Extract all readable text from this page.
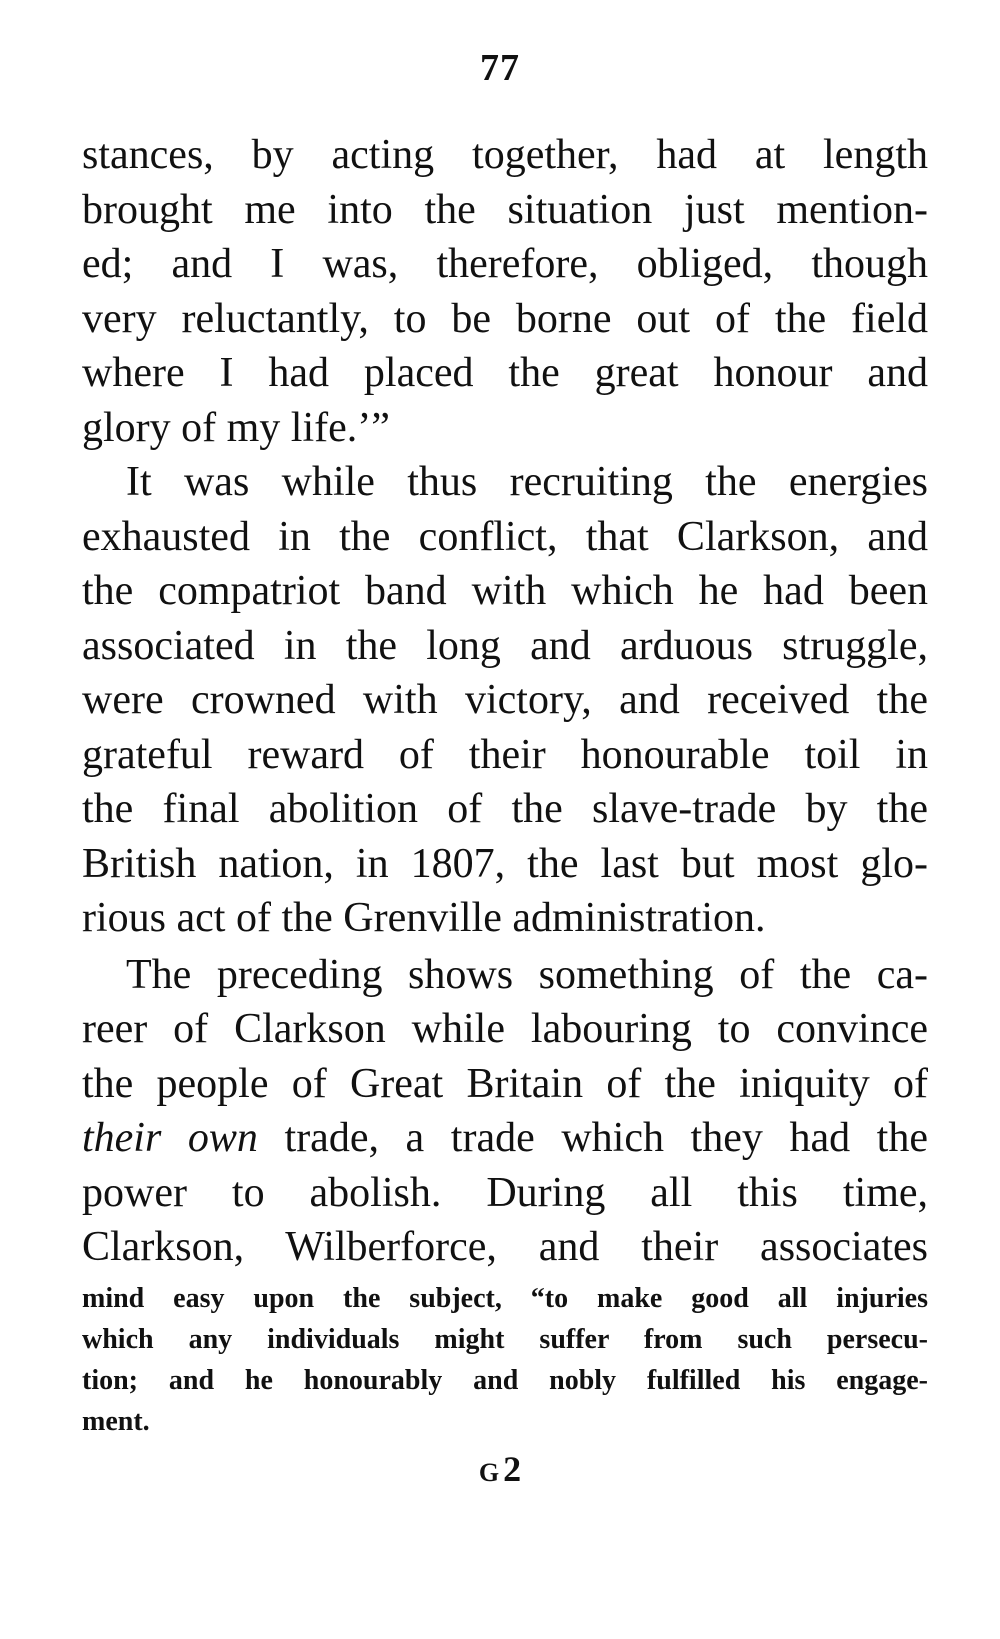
77
stances, by acting together, had at length
brought me into the situation just mention-
ed; and I was, therefore, obliged, though
very reluctantly, to be borne out of the field
where I had placed the great honour and
glory of my life.’”
It was while thus recruiting the energies
exhausted in the conflict, that Clarkson, and
the compatriot band with which he had been
associated in the long and arduous struggle,
were crowned with victory, and received the
grateful reward of their honourable toil in
the final abolition of the slave-trade by the
British nation, in 1807, the last but most glo-
rious act of the Grenville administration.
The preceding shows something of the ca-
reer of Clarkson while labouring to convince
the people of Great Britain of the iniquity of
their own trade, a trade which they had the
power to abolish. During all this time,
Clarkson, Wilberforce, and their associates
mind easy upon the subject, “to make good all injuries
which any individuals might suffer from such persecu-
tion; and he honourably and nobly fulfilled his engage-
ment.
G 2
